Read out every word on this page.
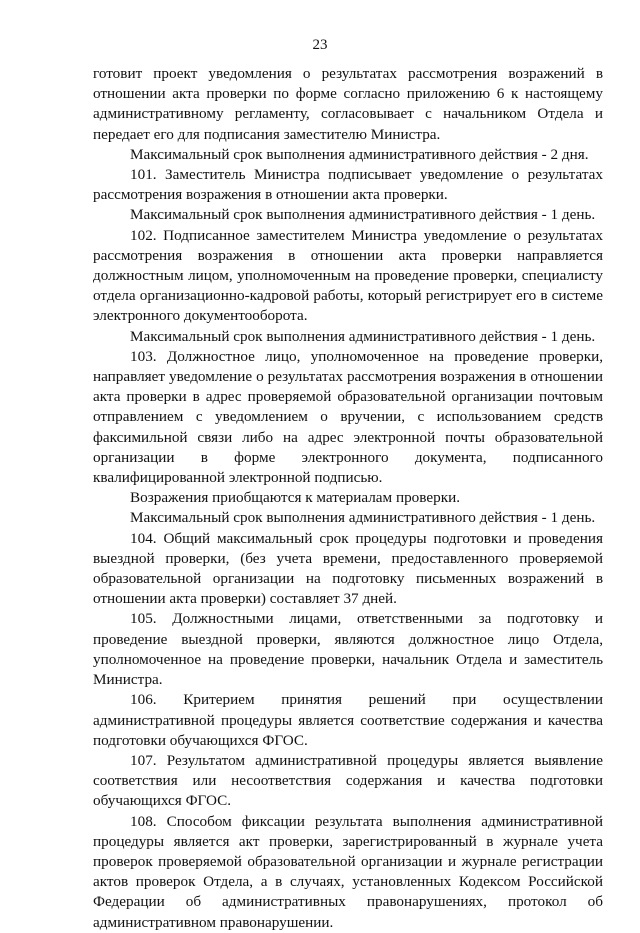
23

готовит проект уведомления о результатах рассмотрения возражений в отношении акта проверки по форме согласно приложению 6 к настоящему административному регламенту, согласовывает с начальником Отдела и передает его для подписания заместителю Министра.

Максимальный срок выполнения административного действия - 2 дня.

101. Заместитель Министра подписывает уведомление о результатах рассмотрения возражения в отношении акта проверки.

Максимальный срок выполнения административного действия - 1 день.

102. Подписанное заместителем Министра уведомление о результатах рассмотрения возражения в отношении акта проверки направляется должностным лицом, уполномоченным на проведение проверки, специалисту отдела организационно-кадровой работы, который регистрирует его в системе электронного документооборота.

Максимальный срок выполнения административного действия - 1 день.

103. Должностное лицо, уполномоченное на проведение проверки, направляет уведомление о результатах рассмотрения возражения в отношении акта проверки в адрес проверяемой образовательной организации почтовым отправлением с уведомлением о вручении, с использованием средств факсимильной связи либо на адрес электронной почты образовательной организации в форме электронного документа, подписанного квалифицированной электронной подписью.

Возражения приобщаются к материалам проверки.

Максимальный срок выполнения административного действия - 1 день.

104. Общий максимальный срок процедуры подготовки и проведения выездной проверки, (без учета времени, предоставленного проверяемой образовательной организации на подготовку письменных возражений в отношении акта проверки) составляет 37 дней.

105. Должностными лицами, ответственными за подготовку и проведение выездной проверки, являются должностное лицо Отдела, уполномоченное на проведение проверки, начальник Отдела и заместитель Министра.

106. Критерием принятия решений при осуществлении административной процедуры является соответствие содержания и качества подготовки обучающихся ФГОС.

107. Результатом административной процедуры является выявление соответствия или несоответствия содержания и качества подготовки обучающихся ФГОС.

108. Способом фиксации результата выполнения административной процедуры является акт проверки, зарегистрированный в журнале учета проверок проверяемой образовательной организации и журнале регистрации актов проверок Отдела, а в случаях, установленных Кодексом Российской Федерации об административных правонарушениях, протокол об административном правонарушении.
